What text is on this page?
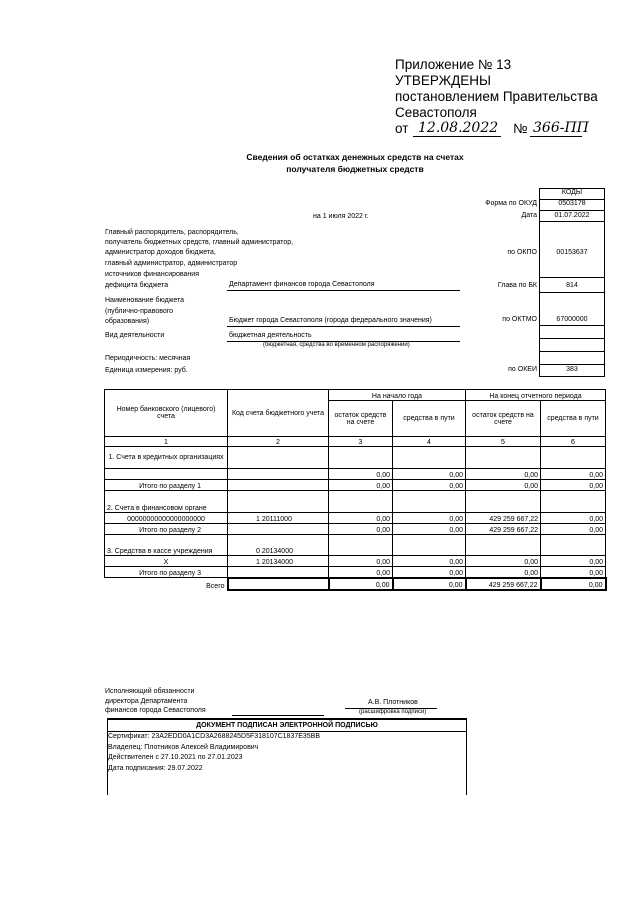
Приложение № 13
УТВЕРЖДЕНЫ
постановлением Правительства
Севастополя
от 12.08.2022 № 366-ПП
Сведения об остатках денежных средств на счетах
получателя бюджетных средств
КОДЫ
Форма по ОКУД	0503178
на 1 июля 2022 г.	Дата	01.07.2022
Главный распорядитель, распорядитель,
получатель бюджетных средств, главный администратор,
администратор доходов бюджета,
главный администратор, администратор
источников финансирования
дефицита бюджета	Департамент финансов города Севастополя
по ОКПО	00153637
Глава по БК	814
Наименование бюджета
(публично-правового
образования)	Бюджет города Севастополя (города федерального значения)	по ОКТМО	67000000
Вид деятельности	бюджетная деятельность
(бюджетная, средства во временном распоряжении)
Периодичность: месячная
Единица измерения: руб.	по ОКЕИ	383
Номер банковского (лицевого) счета	Код счета бюджетного учета	На начало года		На конец отчетного периода	
		остаток средств на счете	средства в пути	остаток средств на счете	средства в пути
1	2	3	4	5	6
1. Счета в кредитных организациях					
		0,00	0,00	0,00	0,00
Итого по разделу 1		0,00	0,00	0,00	0,00
2. Счета в финансовом органе					
00000000000000000000	1 20111000	0,00	0,00	429 259 667,22	0,00
Итого по разделу 2		0,00	0,00	429 259 667,22	0,00
3. Средства в кассе учреждения	0 20134000				
X	1 20134000	0,00	0,00	0,00	0,00
Итого по разделу 3		0,00	0,00	0,00	0,00
Всего		0,00	0,00	429 259 667,22	0,00
Исполняющий обязанности
директора Департамента
финансов города Севастополя
А.В. Плотников
(расшифровка подписи)
ДОКУМЕНТ ПОДПИСАН ЭЛЕКТРОННОЙ ПОДПИСЬЮ
Сертификат: 23A2EDD0A1CD3A2688245D5F318107C1837E35BB
Владелец: Плотников Алексей Владимирович
Действителен с 27.10.2021 по 27.01.2023
Дата подписания: 29.07.2022
